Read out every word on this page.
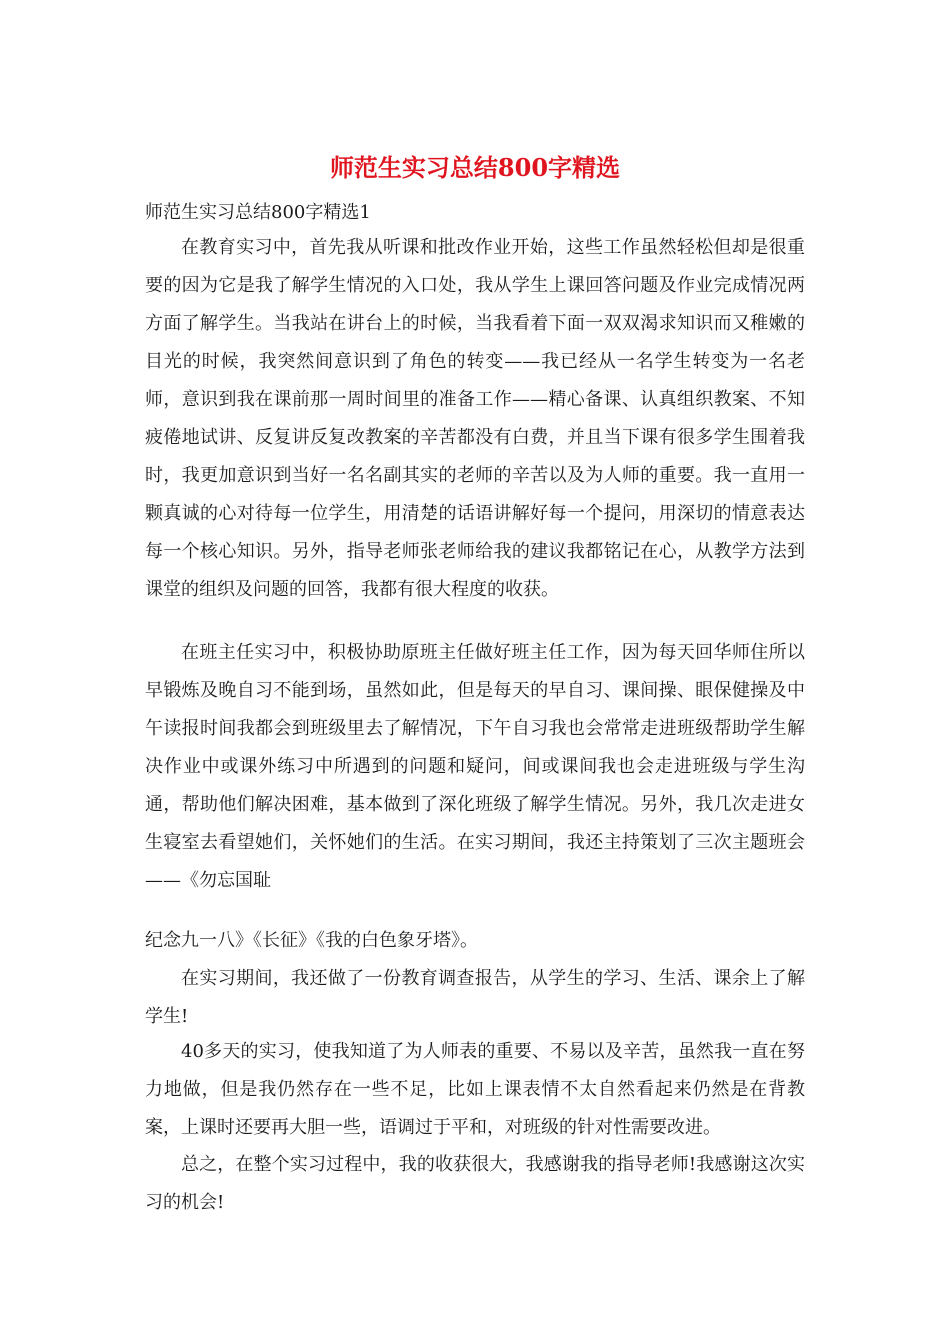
师范生实习总结800字精选

师范生实习总结800字精选1

在教育实习中，首先我从听课和批改作业开始，这些工作虽然轻松但却是很重要的因为它是我了解学生情况的入口处，我从学生上课回答问题及作业完成情况两方面了解学生。当我站在讲台上的时候，当我看着下面一双双渴求知识而又稚嫩的目光的时候，我突然间意识到了角色的转变——我已经从一名学生转变为一名老师，意识到我在课前那一周时间里的准备工作——精心备课、认真组织教案、不知疲倦地试讲、反复讲反复改教案的辛苦都没有白费，并且当下课有很多学生围着我时，我更加意识到当好一名名副其实的老师的辛苦以及为人师的重要。我一直用一颗真诚的心对待每一位学生，用清楚的话语讲解好每一个提问，用深切的情意表达每一个核心知识。另外，指导老师张老师给我的建议我都铭记在心，从教学方法到课堂的组织及问题的回答，我都有很大程度的收获。

在班主任实习中，积极协助原班主任做好班主任工作，因为每天回华师住所以早锻炼及晚自习不能到场，虽然如此，但是每天的早自习、课间操、眼保健操及中午读报时间我都会到班级里去了解情况，下午自习我也会常常走进班级帮助学生解决作业中或课外练习中所遇到的问题和疑问，间或课间我也会走进班级与学生沟通，帮助他们解决困难，基本做到了深化班级了解学生情况。另外，我几次走进女生寝室去看望她们，关怀她们的生活。在实习期间，我还主持策划了三次主题班会——《勿忘国耻

纪念九一八》《长征》《我的白色象牙塔》。

在实习期间，我还做了一份教育调查报告，从学生的学习、生活、课余上了解学生!

40多天的实习，使我知道了为人师表的重要、不易以及辛苦，虽然我一直在努力地做，但是我仍然存在一些不足，比如上课表情不太自然看起来仍然是在背教案，上课时还要再大胆一些，语调过于平和，对班级的针对性需要改进。

总之，在整个实习过程中，我的收获很大，我感谢我的指导老师!我感谢这次实习的机会!
